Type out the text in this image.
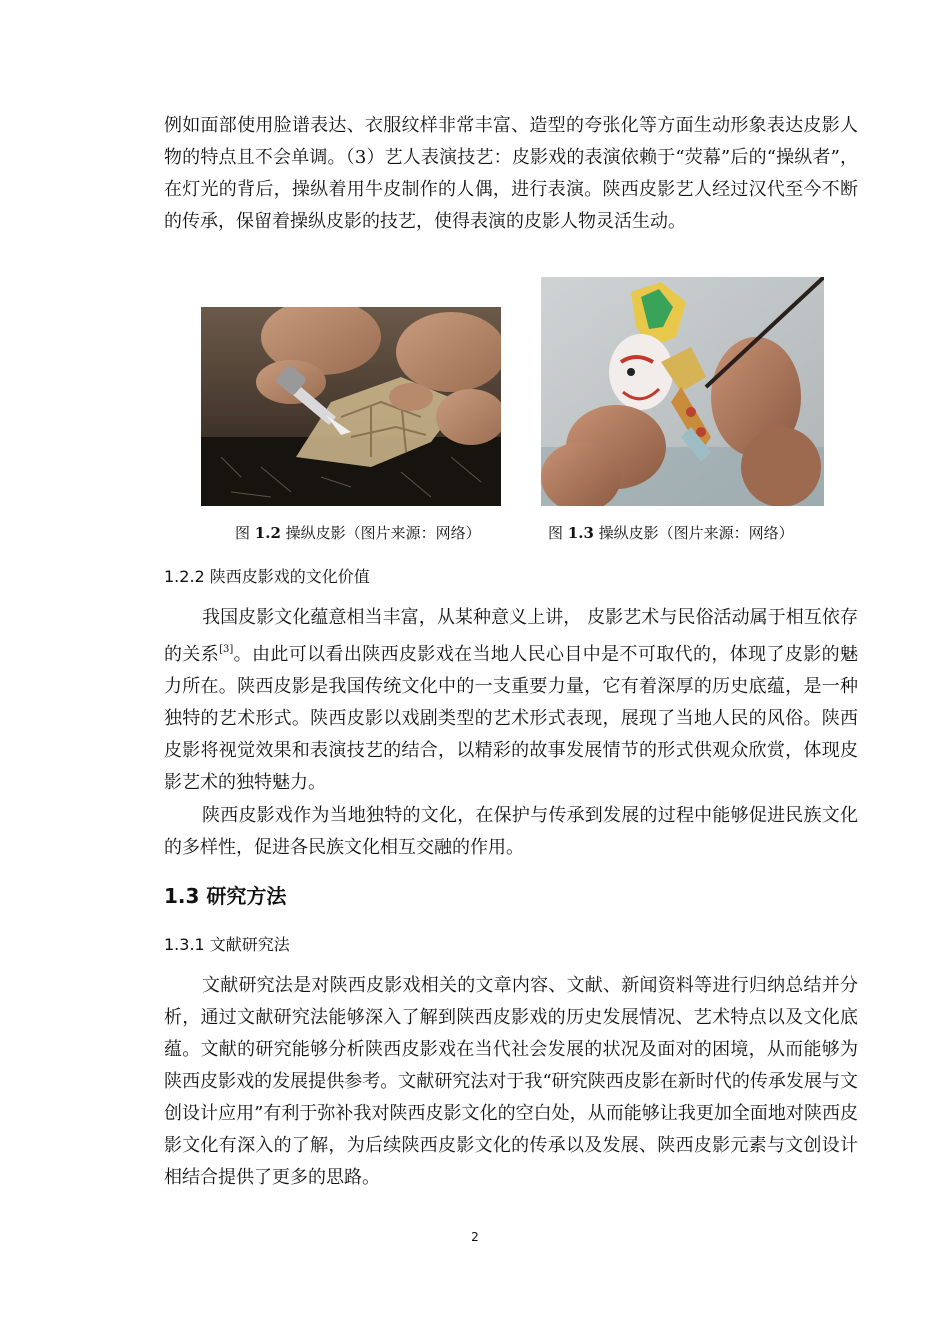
例如面部使用脸谱表达、衣服纹样非常丰富、造型的夸张化等方面生动形象表达皮影人物的特点且不会单调。（3）艺人表演技艺：皮影戏的表演依赖于“荧幕”后的“操纵者”，在灯光的背后，操纵着用牛皮制作的人偶，进行表演。陕西皮影艺人经过汉代至今不断的传承，保留着操纵皮影的技艺，使得表演的皮影人物灵活生动。

图 1.2 操纵皮影（图片来源：网络）	图 1.3 操纵皮影（图片来源：网络）
1.2.2 陕西皮影戏的文化价值

我国皮影文化蕴意相当丰富，从某种意义上讲， 皮影艺术与民俗活动属于相互依存的关系[3]。由此可以看出陕西皮影戏在当地人民心目中是不可取代的，体现了皮影的魅力所在。陕西皮影是我国传统文化中的一支重要力量，它有着深厚的历史底蕴，是一种独特的艺术形式。陕西皮影以戏剧类型的艺术形式表现，展现了当地人民的风俗。陕西皮影将视觉效果和表演技艺的结合，以精彩的故事发展情节的形式供观众欣赏，体现皮影艺术的独特魅力。

陕西皮影戏作为当地独特的文化，在保护与传承到发展的过程中能够促进民族文化的多样性，促进各民族文化相互交融的作用。

1.3 研究方法
1.3.1 文献研究法

文献研究法是对陕西皮影戏相关的文章内容、文献、新闻资料等进行归纳总结并分析，通过文献研究法能够深入了解到陕西皮影戏的历史发展情况、艺术特点以及文化底蕴。文献的研究能够分析陕西皮影戏在当代社会发展的状况及面对的困境，从而能够为陕西皮影戏的发展提供参考。文献研究法对于我“研究陕西皮影在新时代的传承发展与文创设计应用”有利于弥补我对陕西皮影文化的空白处，从而能够让我更加全面地对陕西皮影文化有深入的了解，为后续陕西皮影文化的传承以及发展、陕西皮影元素与文创设计相结合提供了更多的思路。

2
